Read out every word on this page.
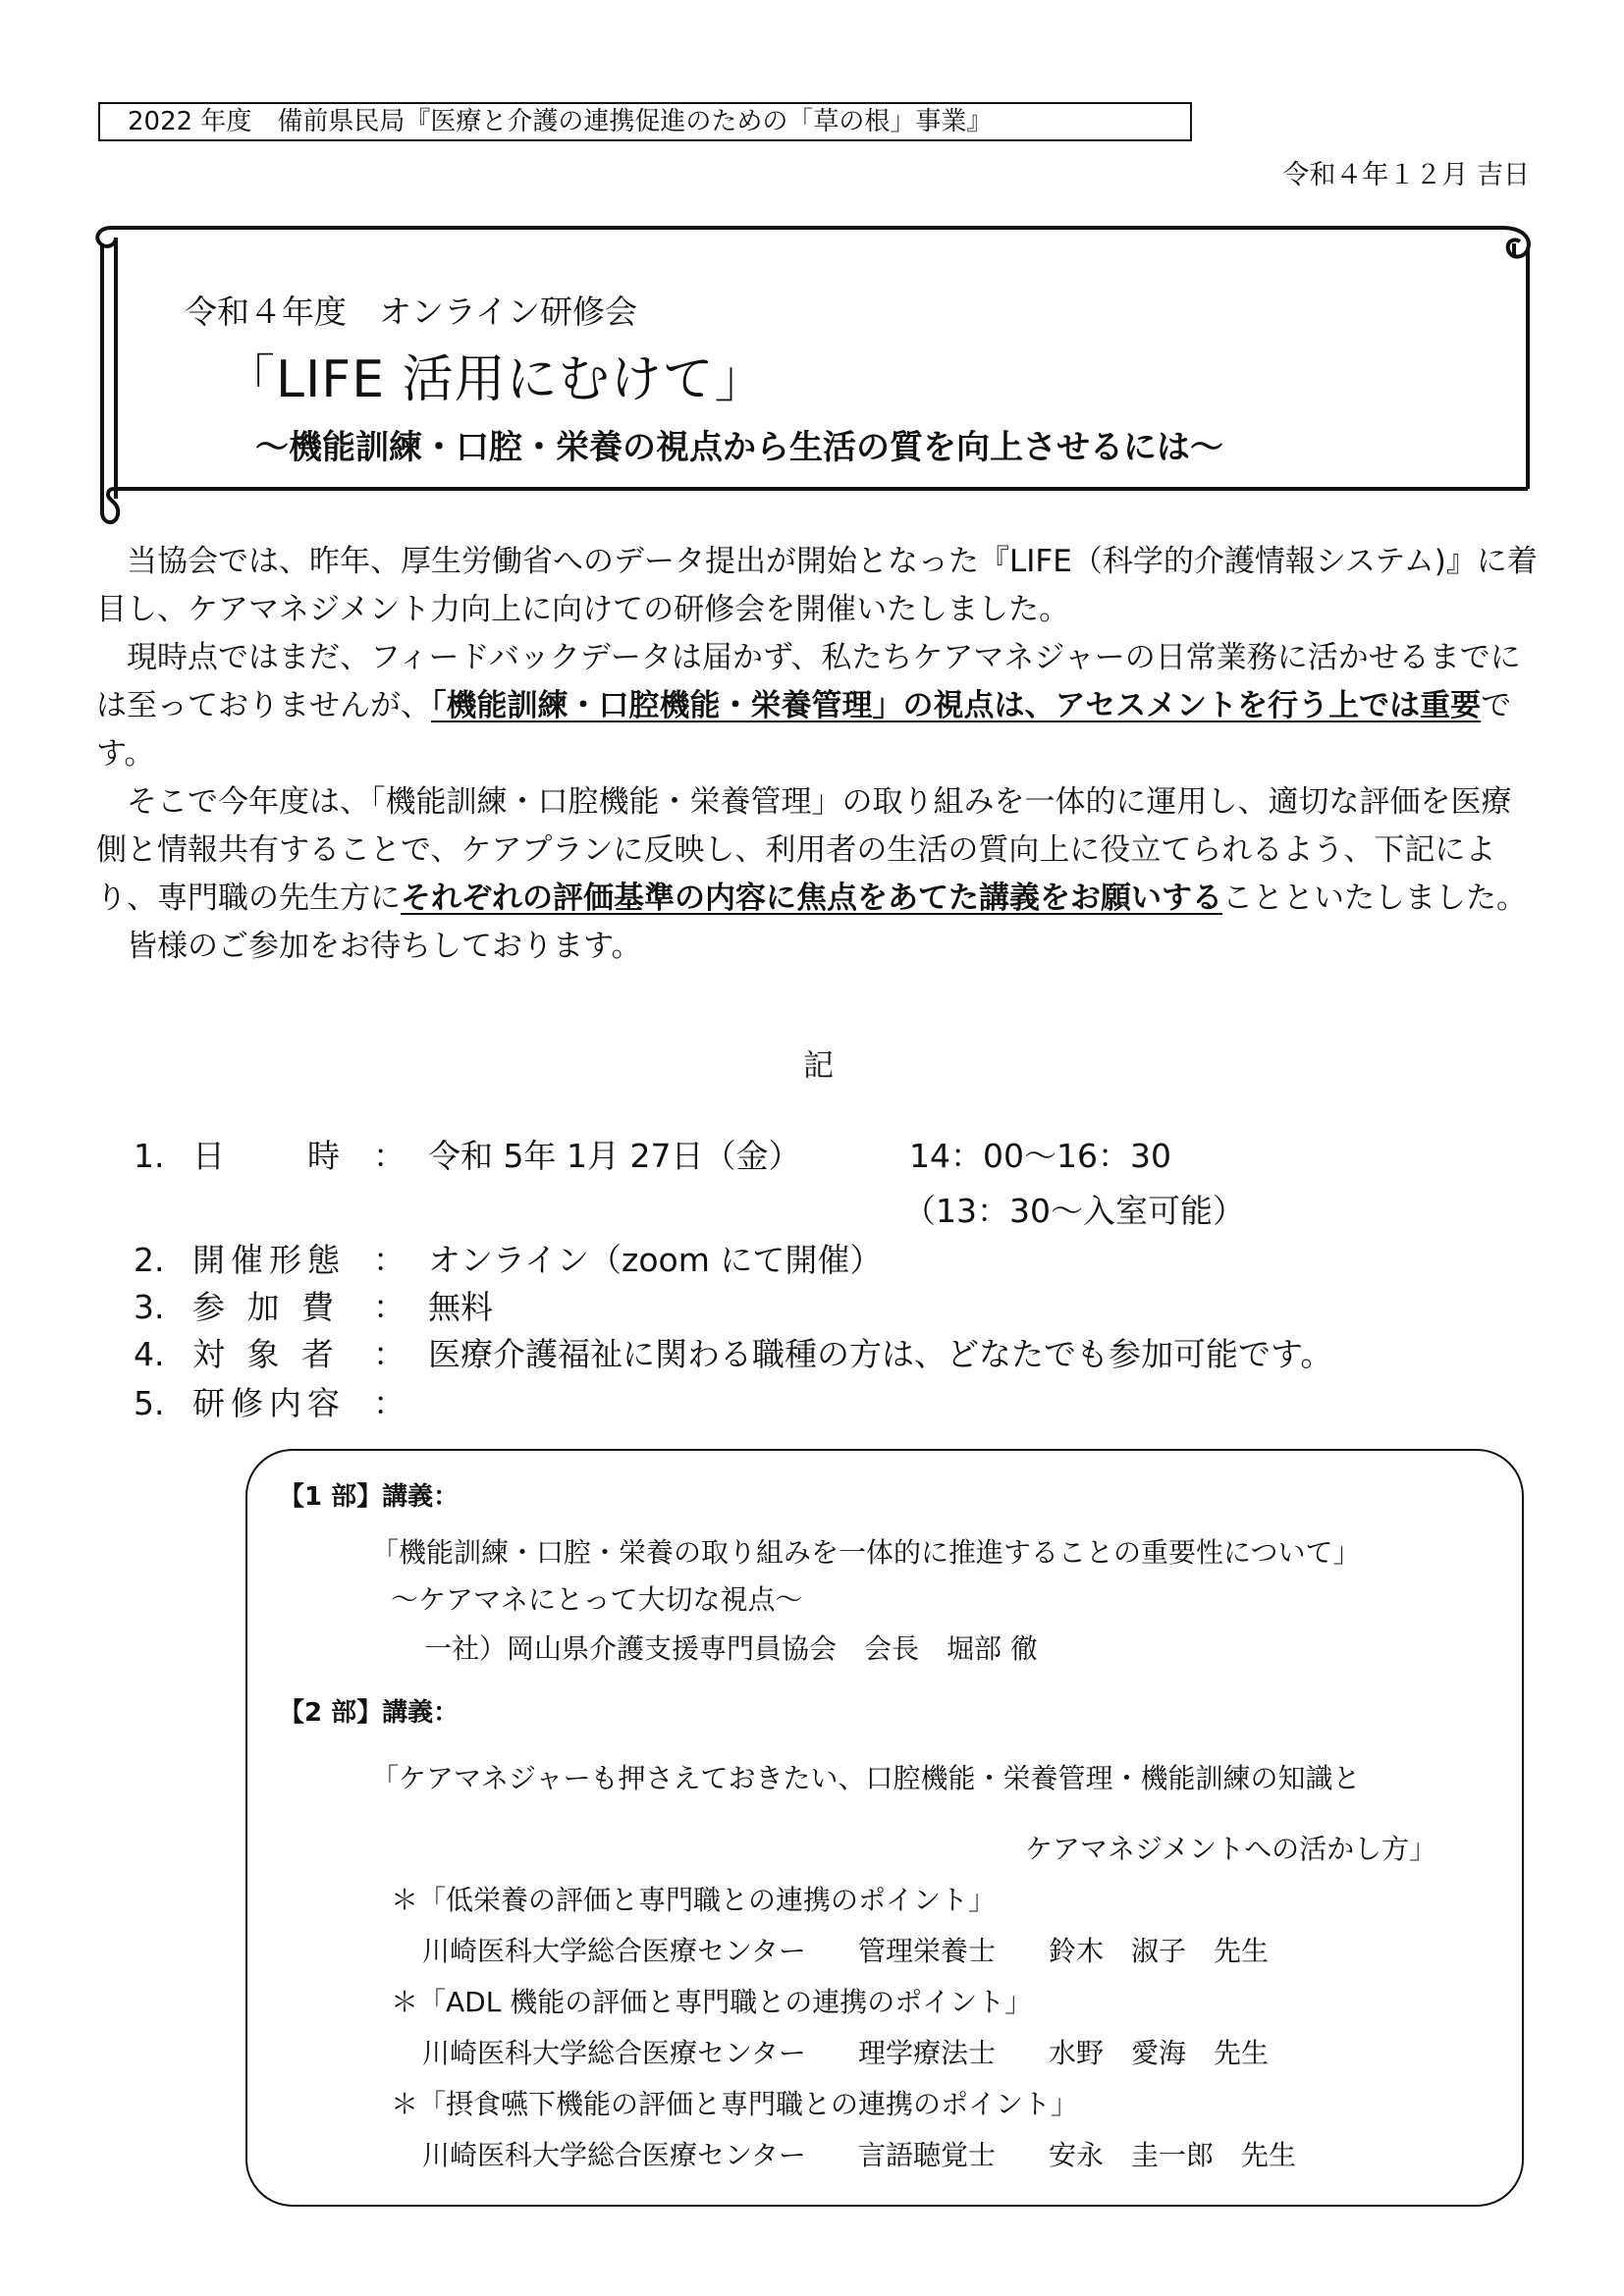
2022 年度　備前県民局『医療と介護の連携促進のための「草の根」事業』
令和４年１２月 吉日
令和４年度　オンライン研修会
「LIFE 活用にむけて」
～機能訓練・口腔・栄養の視点から生活の質を向上させるには～

当協会では、昨年、厚生労働省へのデータ提出が開始となった『LIFE（科学的介護情報システム)』に着目し、ケアマネジメント力向上に向けての研修会を開催いたしました。

現時点ではまだ、フィードバックデータは届かず、私たちケアマネジャーの日常業務に活かせるまでには至っておりませんが、「機能訓練・口腔機能・栄養管理」の視点は、アセスメントを行う上では重要です。

そこで今年度は、「機能訓練・口腔機能・栄養管理」の取り組みを一体的に運用し、適切な評価を医療側と情報共有することで、ケアプランに反映し、利用者の生活の質向上に役立てられるよう、下記により、専門職の先生方にそれぞれの評価基準の内容に焦点をあてた講義をお願いすることといたしました。

皆様のご参加をお待ちしております。

記
1. 日　　時 ： 令和 5年 1月 27日（金）	14：00～16：30
（13：30～入室可能）
2. 開催形態 ： オンライン（zoom にて開催）
3. 参 加 費	： 無料
4. 対 象 者	： 医療介護福祉に関わる職種の方は、どなたでも参加可能です。
5. 研修内容 ：
【1 部】講義：
「機能訓練・口腔・栄養の取り組みを一体的に推進することの重要性について」
～ケアマネにとって大切な視点～
一社）岡山県介護支援専門員協会　会長　堀部 徹
【2 部】講義：
「ケアマネジャーも押さえておきたい、口腔機能・栄養管理・機能訓練の知識と
ケアマネジメントへの活かし方」
＊「低栄養の評価と専門職との連携のポイント」
川崎医科大学総合医療センター 管理栄養士 鈴木　淑子　先生
＊「ADL 機能の評価と専門職との連携のポイント」
川崎医科大学総合医療センター 理学療法士 水野　愛海　先生
＊「摂食嚥下機能の評価と専門職との連携のポイント」
川崎医科大学総合医療センター 言語聴覚士 安永　圭一郎　先生
